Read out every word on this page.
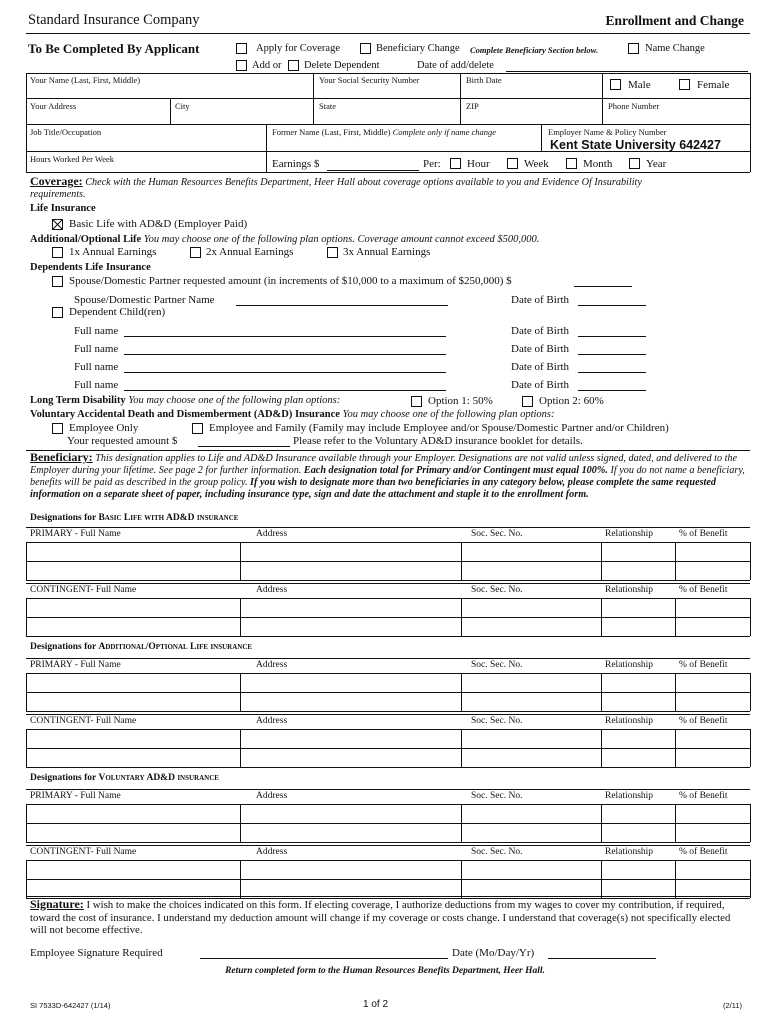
Standard Insurance Company	Enrollment and Change
To Be Completed By Applicant	Apply for Coverage	Beneficiary Change Complete Beneficiary Section below.	Name Change
Add or Delete Dependent	Date of add/delete
Your Name (Last, First, Middle)	Your Social Security Number	Birth Date	Male	Female
Your Address	City	State	ZIP	Phone Number
Job Title/Occupation	Former Name (Last, First, Middle) Complete only if name change	Employer Name & Policy Number
Kent State University 642427
Hours Worked Per Week	Earnings $	Per: Hour	Week	Month	Year
Coverage: Check with the Human Resources Benefits Department, Heer Hall about coverage options available to you and Evidence Of Insurability requirements.
Life Insurance
Basic Life with AD&D (Employer Paid)
Additional/Optional Life You may choose one of the following plan options. Coverage amount cannot exceed $500,000.
1x Annual Earnings	2x Annual Earnings	3x Annual Earnings
Dependents Life Insurance
Spouse/Domestic Partner requested amount (in increments of $10,000 to a maximum of $250,000) $
Spouse/Domestic Partner Name	Date of Birth
Dependent Child(ren)
Full name	Date of Birth
Full name	Date of Birth
Full name	Date of Birth
Full name	Date of Birth
Long Term Disability You may choose one of the following plan options:	Option 1: 50%	Option 2: 60%
Voluntary Accidental Death and Dismemberment (AD&D) Insurance You may choose one of the following plan options:
Employee Only	Employee and Family (Family may include Employee and/or Spouse/Domestic Partner and/or Children)
Your requested amount $	Please refer to the Voluntary AD&D insurance booklet for details.
Beneficiary: This designation applies to Life and AD&D Insurance available through your Employer. Designations are not valid unless signed, dated, and delivered to the Employer during your lifetime. See page 2 for further information. Each designation total for Primary and/or Contingent must equal 100%. If you do not name a beneficiary, benefits will be paid as described in the group policy. If you wish to designate more than two beneficiaries in any category below, please complete the same requested information on a separate sheet of paper, including insurance type, sign and date the attachment and staple it to the enrollment form.
Designations for Basic Life with AD&D insurance
Designations for Additional/Optional Life insurance
Designations for Voluntary AD&D insurance
PRIMARY - Full Name	Address	Soc. Sec. No.	Relationship	% of Benefit
CONTINGENT- Full Name	Address	Soc. Sec. No.	Relationship	% of Benefit
PRIMARY - Full Name	Address	Soc. Sec. No.	Relationship	% of Benefit
CONTINGENT- Full Name	Address	Soc. Sec. No.	Relationship	% of Benefit
PRIMARY - Full Name	Address	Soc. Sec. No.	Relationship	% of Benefit
CONTINGENT- Full Name	Address	Soc. Sec. No.	Relationship	% of Benefit
Signature: I wish to make the choices indicated on this form. If electing coverage, I authorize deductions from my wages to cover my contribution, if required, toward the cost of insurance. I understand my deduction amount will change if my coverage or costs change. I understand that coverage(s) not specifically elected will not become effective.
Employee Signature Required	Date (Mo/Day/Yr)
Return completed form to the Human Resources Benefits Department, Heer Hall.
SI 7533D-642427 (1/14)	1 of 2	(2/11)
